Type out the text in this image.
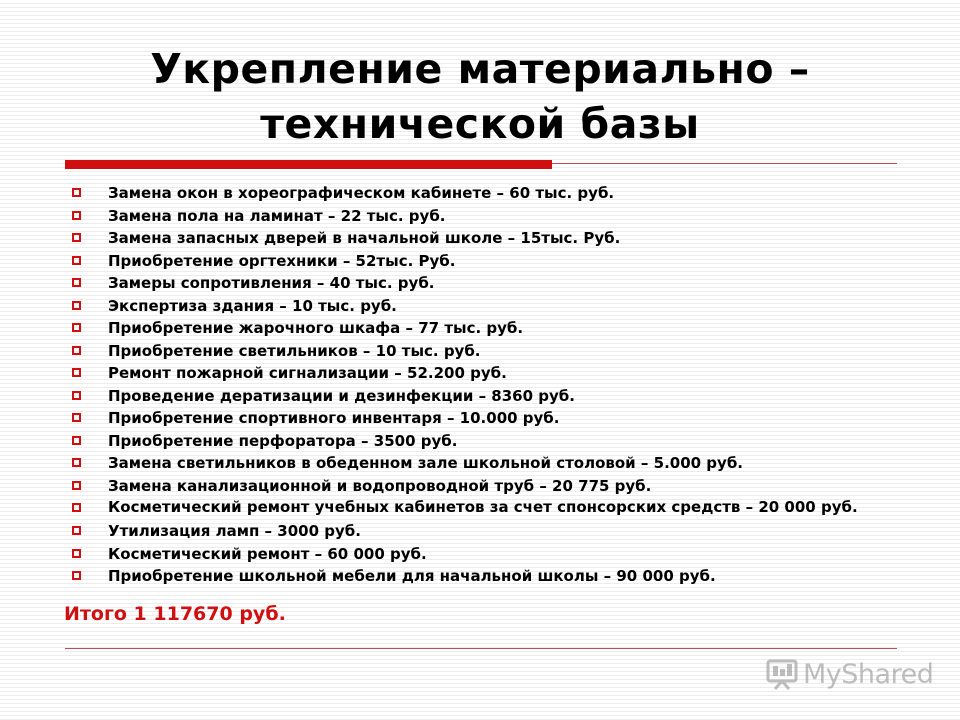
Укрепление материально –
технической базы
Замена окон в хореографическом кабинете – 60 тыс. руб.
Замена пола на ламинат – 22 тыс. руб.
Замена запасных дверей в начальной школе – 15тыс. Руб.
Приобретение оргтехники – 52тыс. Руб.
Замеры сопротивления – 40 тыс. руб.
Экспертиза здания – 10 тыс. руб.
Приобретение жарочного шкафа – 77 тыс. руб.
Приобретение светильников – 10 тыс. руб.
Ремонт пожарной сигнализации – 52.200 руб.
Проведение дератизации и дезинфекции – 8360 руб.
Приобретение спортивного инвентаря – 10.000 руб.
Приобретение перфоратора – 3500 руб.
Замена светильников в обеденном зале школьной столовой – 5.000 руб.
Замена канализационной и водопроводной труб – 20 775 руб.
Косметический ремонт учебных кабинетов за счет спонсорских средств – 20 000 руб.
Утилизация ламп – 3000 руб.
Косметический ремонт – 60 000 руб.
Приобретение школьной мебели для начальной школы – 90 000 руб.
Итого 1 117670 руб.
MyShared
